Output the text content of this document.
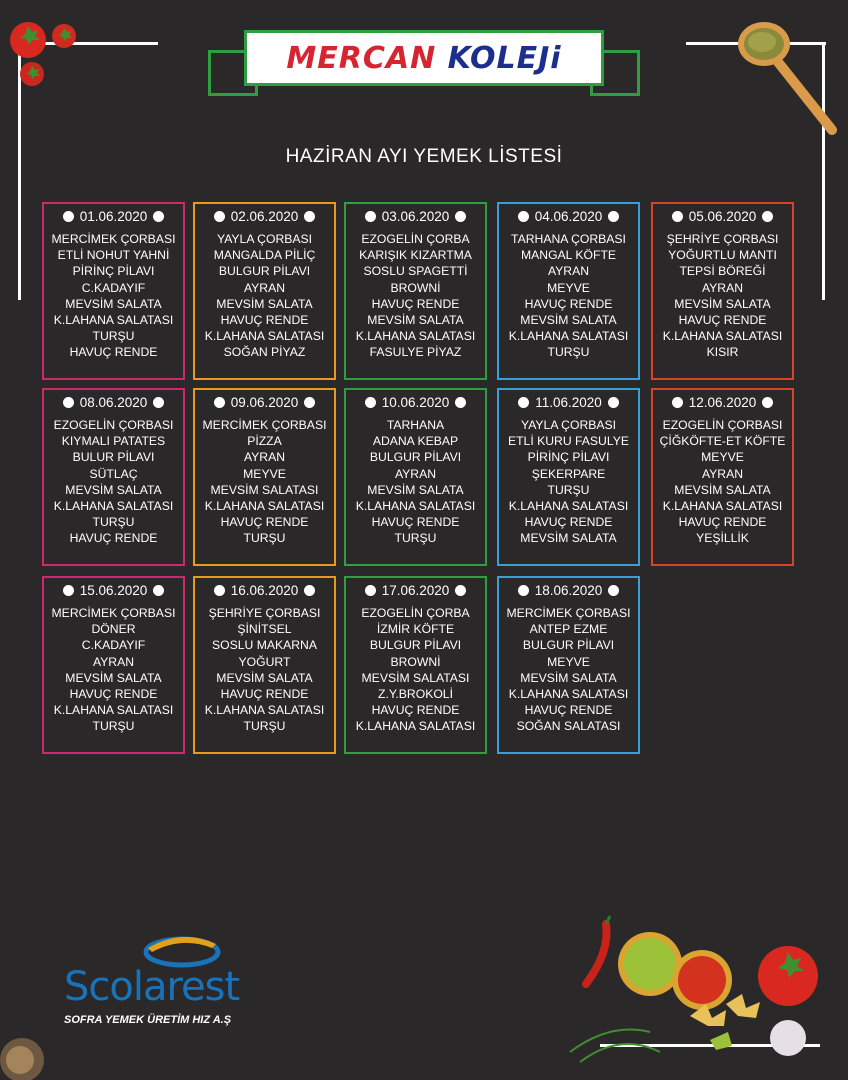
MERCAN KOLEJi
HAZİRAN AYI YEMEK LİSTESİ
01.06.2020
MERCİMEK ÇORBASI
ETLİ NOHUT YAHNİ
PİRİNÇ PİLAVI
C.KADAYIF
MEVSİM SALATA
K.LAHANA SALATASI
TURŞU
HAVUÇ RENDE
02.06.2020
YAYLA ÇORBASI
MANGALDA PİLİÇ
BULGUR PİLAVI
AYRAN
MEVSİM SALATA
HAVUÇ RENDE
K.LAHANA SALATASI
SOĞAN PİYAZ
03.06.2020
EZOGELİN ÇORBA
KARIŞIK KIZARTMA
SOSLU SPAGETTİ
BROWNİ
HAVUÇ RENDE
MEVSİM SALATA
K.LAHANA SALATASI
FASULYE PİYAZ
04.06.2020
TARHANA ÇORBASI
MANGAL KÖFTE
AYRAN
MEYVE
HAVUÇ RENDE
MEVSİM SALATA
K.LAHANA SALATASI
TURŞU
05.06.2020
ŞEHRİYE ÇORBASI
YOĞURTLU MANTI
TEPSİ BÖREĞİ
AYRAN
MEVSİM SALATA
HAVUÇ RENDE
K.LAHANA SALATASI
KISIR
08.06.2020
EZOGELİN ÇORBASI
KIYMALI PATATES
BULUR PİLAVI
SÜTLAÇ
MEVSİM SALATA
K.LAHANA SALATASI
TURŞU
HAVUÇ RENDE
09.06.2020
MERCİMEK ÇORBASI
PİZZA
AYRAN
MEYVE
MEVSİM SALATASI
K.LAHANA SALATASI
HAVUÇ RENDE
TURŞU
10.06.2020
TARHANA
ADANA KEBAP
BULGUR PİLAVI
AYRAN
MEVSİM SALATA
K.LAHANA SALATASI
HAVUÇ RENDE
TURŞU
11.06.2020
YAYLA ÇORBASI
ETLİ KURU FASULYE
PİRİNÇ PİLAVI
ŞEKERPARE
TURŞU
K.LAHANA SALATASI
HAVUÇ RENDE
MEVSİM SALATA
12.06.2020
EZOGELİN ÇORBASI
ÇİĞKÖFTE-ET KÖFTE
MEYVE
AYRAN
MEVSİM SALATA
K.LAHANA SALATASI
HAVUÇ RENDE
YEŞİLLİK
15.06.2020
MERCİMEK ÇORBASI
DÖNER
C.KADAYIF
AYRAN
MEVSİM SALATA
HAVUÇ RENDE
K.LAHANA SALATASI
TURŞU
16.06.2020
ŞEHRİYE ÇORBASI
ŞİNİTSEL
SOSLU MAKARNA
YOĞURT
MEVSİM SALATA
HAVUÇ RENDE
K.LAHANA SALATASI
TURŞU
17.06.2020
EZOGELİN ÇORBA
İZMİR KÖFTE
BULGUR PİLAVI
BROWNİ
MEVSİM SALATASI
Z.Y.BROKOLİ
HAVUÇ RENDE
K.LAHANA SALATASI
18.06.2020
MERCİMEK ÇORBASI
ANTEP EZME
BULGUR PİLAVI
MEYVE
MEVSİM SALATA
K.LAHANA SALATASI
HAVUÇ RENDE
SOĞAN SALATASI
Scolarest
SOFRA YEMEK ÜRETİM HIZ A.Ş
